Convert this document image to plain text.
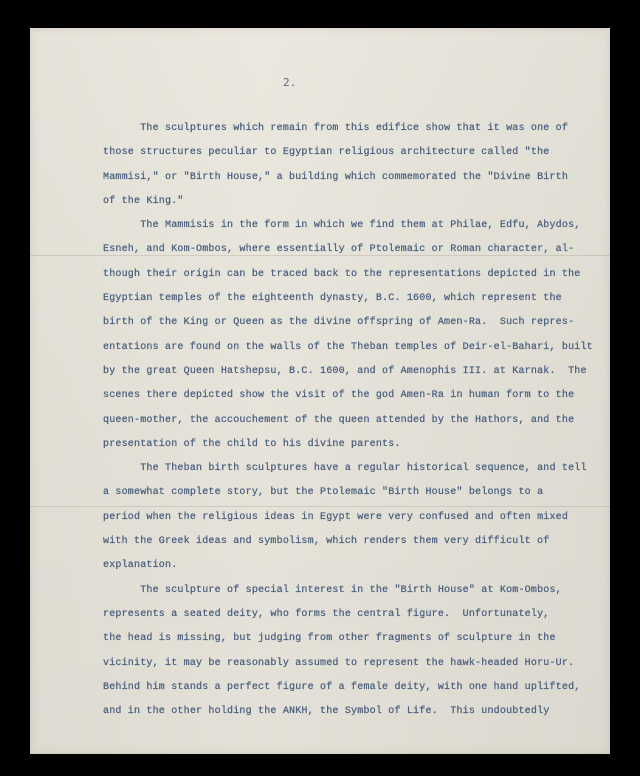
2.

The sculptures which remain from this edifice show that it was one of

those structures peculiar to Egyptian religious architecture called "the

Mammisi," or "Birth House," a building which commemorated the "Divine Birth

of the King."

The Mammisis in the form in which we find them at Philae, Edfu, Abydos,

Esneh, and Kom-Ombos, where essentially of Ptolemaic or Roman character, al-

though their origin can be traced back to the representations depicted in the

Egyptian temples of the eighteenth dynasty, B.C. 1600, which represent the

birth of the King or Queen as the divine offspring of Amen-Ra.  Such repres-

entations are found on the walls of the Theban temples of Deir-el-Bahari, built

by the great Queen Hatshepsu, B.C. 1600, and of Amenophis III. at Karnak.  The

scenes there depicted show the visit of the god Amen-Ra in human form to the

queen-mother, the accouchement of the queen attended by the Hathors, and the

presentation of the child to his divine parents.

The Theban birth sculptures have a regular historical sequence, and tell

a somewhat complete story, but the Ptolemaic "Birth House" belongs to a

period when the religious ideas in Egypt were very confused and often mixed

with the Greek ideas and symbolism, which renders them very difficult of

explanation.

The sculpture of special interest in the "Birth House" at Kom-Ombos,

represents a seated deity, who forms the central figure.  Unfortunately,

the head is missing, but judging from other fragments of sculpture in the

vicinity, it may be reasonably assumed to represent the hawk-headed Horu-Ur.

Behind him stands a perfect figure of a female deity, with one hand uplifted,

and in the other holding the ANKH, the Symbol of Life.  This undoubtedly
